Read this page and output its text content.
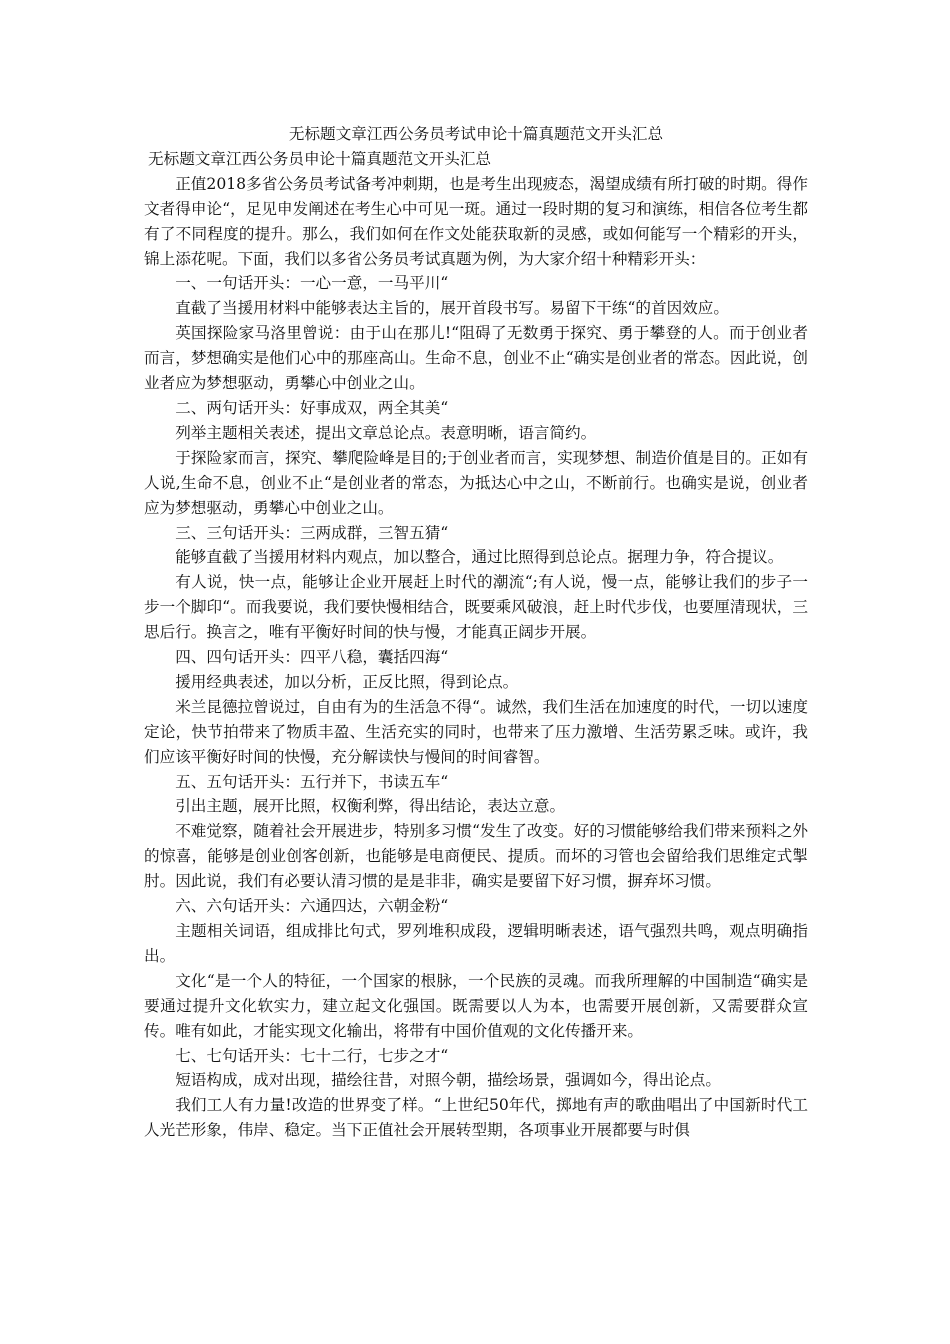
无标题文章江西公务员考试申论十篇真题范文开头汇总
无标题文章江西公务员申论十篇真题范文开头汇总

正值2018多省公务员考试备考冲刺期，也是考生出现疲态，渴望成绩有所打破的时期。得作文者得申论“，足见申发阐述在考生心中可见一斑。通过一段时期的复习和演练，相信各位考生都有了不同程度的提升。那么，我们如何在作文处能获取新的灵感，或如何能写一个精彩的开头，锦上添花呢。下面，我们以多省公务员考试真题为例，为大家介绍十种精彩开头：

一、一句话开头：一心一意，一马平川“

直截了当援用材料中能够表达主旨的，展开首段书写。易留下干练“的首因效应。

英国探险家马洛里曾说：由于山在那儿!“阻碍了无数勇于探究、勇于攀登的人。而于创业者而言，梦想确实是他们心中的那座高山。生命不息，创业不止“确实是创业者的常态。因此说，创业者应为梦想驱动，勇攀心中创业之山。

二、两句话开头：好事成双，两全其美“

列举主题相关表述，提出文章总论点。表意明晰，语言简约。

于探险家而言，探究、攀爬险峰是目的;于创业者而言，实现梦想、制造价值是目的。正如有人说,生命不息，创业不止“是创业者的常态，为抵达心中之山，不断前行。也确实是说，创业者应为梦想驱动，勇攀心中创业之山。

三、三句话开头：三两成群，三智五猜“

能够直截了当援用材料内观点，加以整合，通过比照得到总论点。据理力争，符合提议。

有人说，快一点，能够让企业开展赶上时代的潮流“;有人说，慢一点，能够让我们的步子一步一个脚印“。而我要说，我们要快慢相结合，既要乘风破浪，赶上时代步伐，也要厘清现状，三思后行。换言之，唯有平衡好时间的快与慢，才能真正阔步开展。

四、四句话开头：四平八稳，囊括四海“

援用经典表述，加以分析，正反比照，得到论点。

米兰昆德拉曾说过，自由有为的生活急不得“。诚然，我们生活在加速度的时代，一切以速度定论，快节拍带来了物质丰盈、生活充实的同时，也带来了压力激增、生活劳累乏味。或许，我们应该平衡好时间的快慢，充分解读快与慢间的时间睿智。

五、五句话开头：五行并下，书读五车“

引出主题，展开比照，权衡利弊，得出结论，表达立意。

不难觉察，随着社会开展进步，特别多习惯“发生了改变。好的习惯能够给我们带来预料之外的惊喜，能够是创业创客创新，也能够是电商便民、提质。而坏的习管也会留给我们思维定式掣肘。因此说，我们有必要认清习惯的是是非非，确实是要留下好习惯，摒弃坏习惯。

六、六句话开头：六通四达，六朝金粉“

主题相关词语，组成排比句式，罗列堆积成段，逻辑明晰表述，语气强烈共鸣，观点明确指出。

文化“是一个人的特征，一个国家的根脉，一个民族的灵魂。而我所理解的中国制造“确实是要通过提升文化软实力，建立起文化强国。既需要以人为本，也需要开展创新，又需要群众宣传。唯有如此，才能实现文化输出，将带有中国价值观的文化传播开来。

七、七句话开头：七十二行，七步之才“

短语构成，成对出现，描绘往昔，对照今朝，描绘场景，强调如今，得出论点。

我们工人有力量!改造的世界变了样。“上世纪50年代，掷地有声的歌曲唱出了中国新时代工人光芒形象，伟岸、稳定。当下正值社会开展转型期，各项事业开展都要与时俱
